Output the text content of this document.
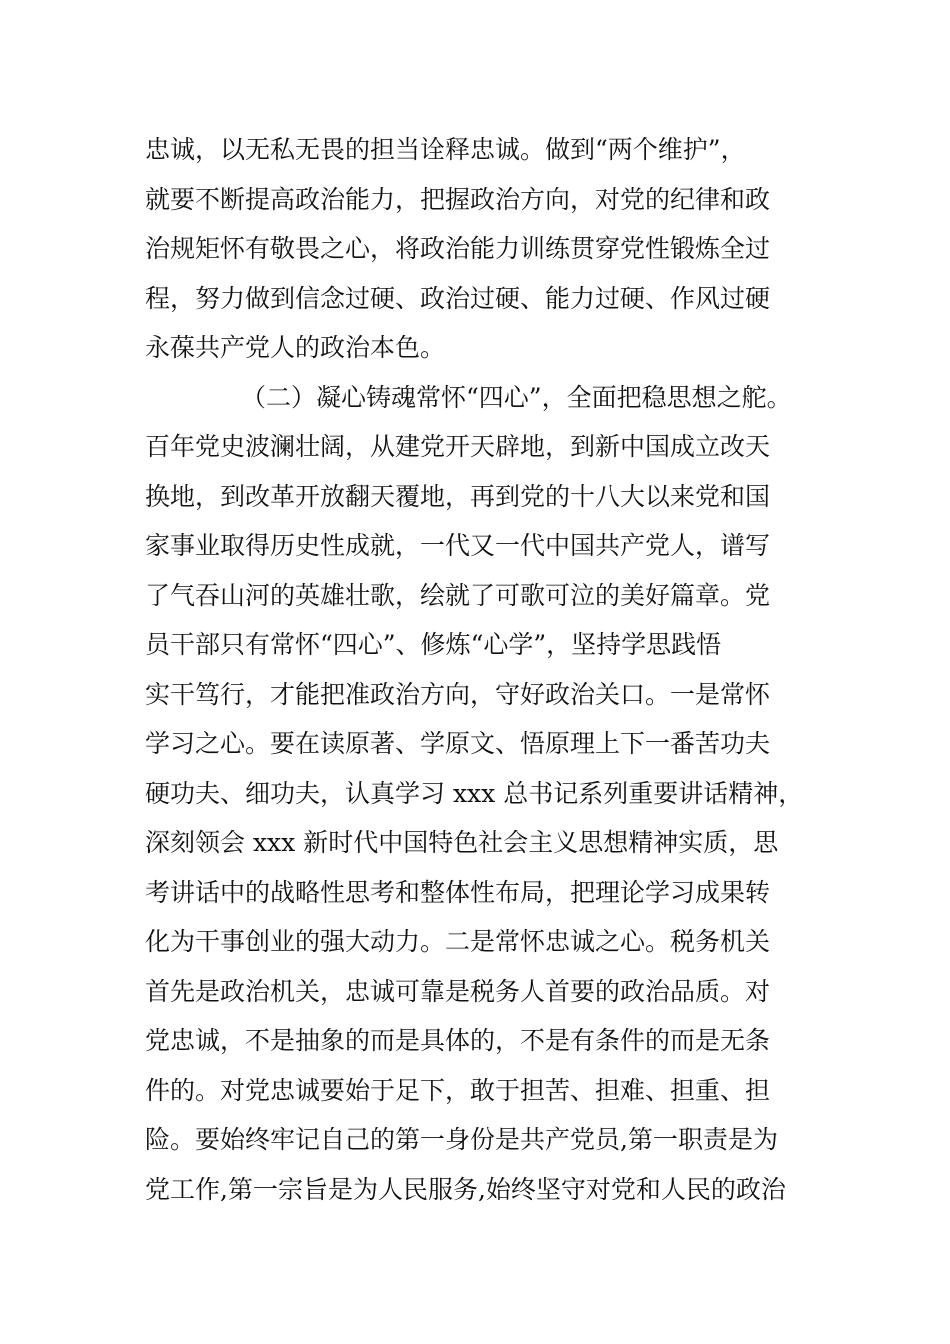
忠诚，以无私无畏的担当诠释忠诚。做到“两个维护”，
就要不断提高政治能力，把握政治方向，对党的纪律和政
治规矩怀有敬畏之心，将政治能力训练贯穿党性锻炼全过
程，努力做到信念过硬、政治过硬、能力过硬、作风过硬
永葆共产党人的政治本色。
（二）凝心铸魂常怀“四心”，全面把稳思想之舵。
百年党史波澜壮阔，从建党开天辟地，到新中国成立改天
换地，到改革开放翻天覆地，再到党的十八大以来党和国
家事业取得历史性成就，一代又一代中国共产党人，谱写
了气吞山河的英雄壮歌，绘就了可歌可泣的美好篇章。党
员干部只有常怀“四心”、修炼“心学”，坚持学思践悟
实干笃行，才能把准政治方向，守好政治关口。一是常怀
学习之心。要在读原著、学原文、悟原理上下一番苦功夫
硬功夫、细功夫，认真学习 xxx 总书记系列重要讲话精神，
深刻领会 xxx 新时代中国特色社会主义思想精神实质，思
考讲话中的战略性思考和整体性布局，把理论学习成果转
化为干事创业的强大动力。二是常怀忠诚之心。税务机关
首先是政治机关，忠诚可靠是税务人首要的政治品质。对
党忠诚，不是抽象的而是具体的，不是有条件的而是无条
件的。对党忠诚要始于足下，敢于担苦、担难、担重、担
险。要始终牢记自己的第一身份是共产党员,第一职责是为
党工作,第一宗旨是为人民服务,始终坚守对党和人民的政治
